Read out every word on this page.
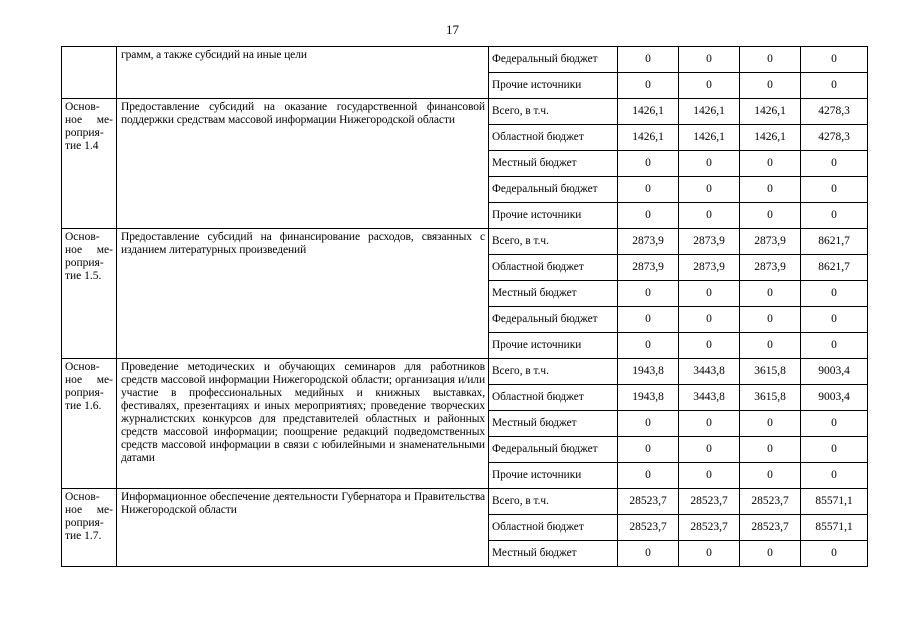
17
	грамм, а также субсидий на иные цели	Федеральный бюджет	0	0	0	0
		Прочие источники	0	0	0	0
Основ-ное ме-роприя-тие 1.4	Предоставление субсидий на оказание государственной финансовой поддержки средствам массовой информации Нижегородской области	Всего, в т.ч.	1426,1	1426,1	1426,1	4278,3
		Областной бюджет	1426,1	1426,1	1426,1	4278,3
		Местный бюджет	0	0	0	0
		Федеральный бюджет	0	0	0	0
		Прочие источники	0	0	0	0
Основ-ное ме-роприя-тие 1.5.	Предоставление субсидий на финансирование расходов, связанных с изданием литературных произведений	Всего, в т.ч.	2873,9	2873,9	2873,9	8621,7
		Областной бюджет	2873,9	2873,9	2873,9	8621,7
		Местный бюджет	0	0	0	0
		Федеральный бюджет	0	0	0	0
		Прочие источники	0	0	0	0
Основ-ное ме-роприя-тие 1.6.	Проведение методических и обучающих семинаров для работников средств массовой информации Нижегородской области; организация и/или участие в профессиональных медийных и книжных выставках, фестивалях, презентациях и иных мероприятиях; проведение творческих журналистских конкурсов для представителей областных и районных средств массовой информации; поощрение редакций подведомственных средств массовой информации в связи с юбилейными и знаменательными датами	Всего, в т.ч.	1943,8	3443,8	3615,8	9003,4
		Областной бюджет	1943,8	3443,8	3615,8	9003,4
		Местный бюджет	0	0	0	0
		Федеральный бюджет	0	0	0	0
		Прочие источники	0	0	0	0
Основ-ное ме-роприя-тие 1.7.	Информационное обеспечение деятельности Губернатора и Правительства Нижегородской области	Всего, в т.ч.	28523,7	28523,7	28523,7	85571,1
		Областной бюджет	28523,7	28523,7	28523,7	85571,1
		Местный бюджет	0	0	0	0
